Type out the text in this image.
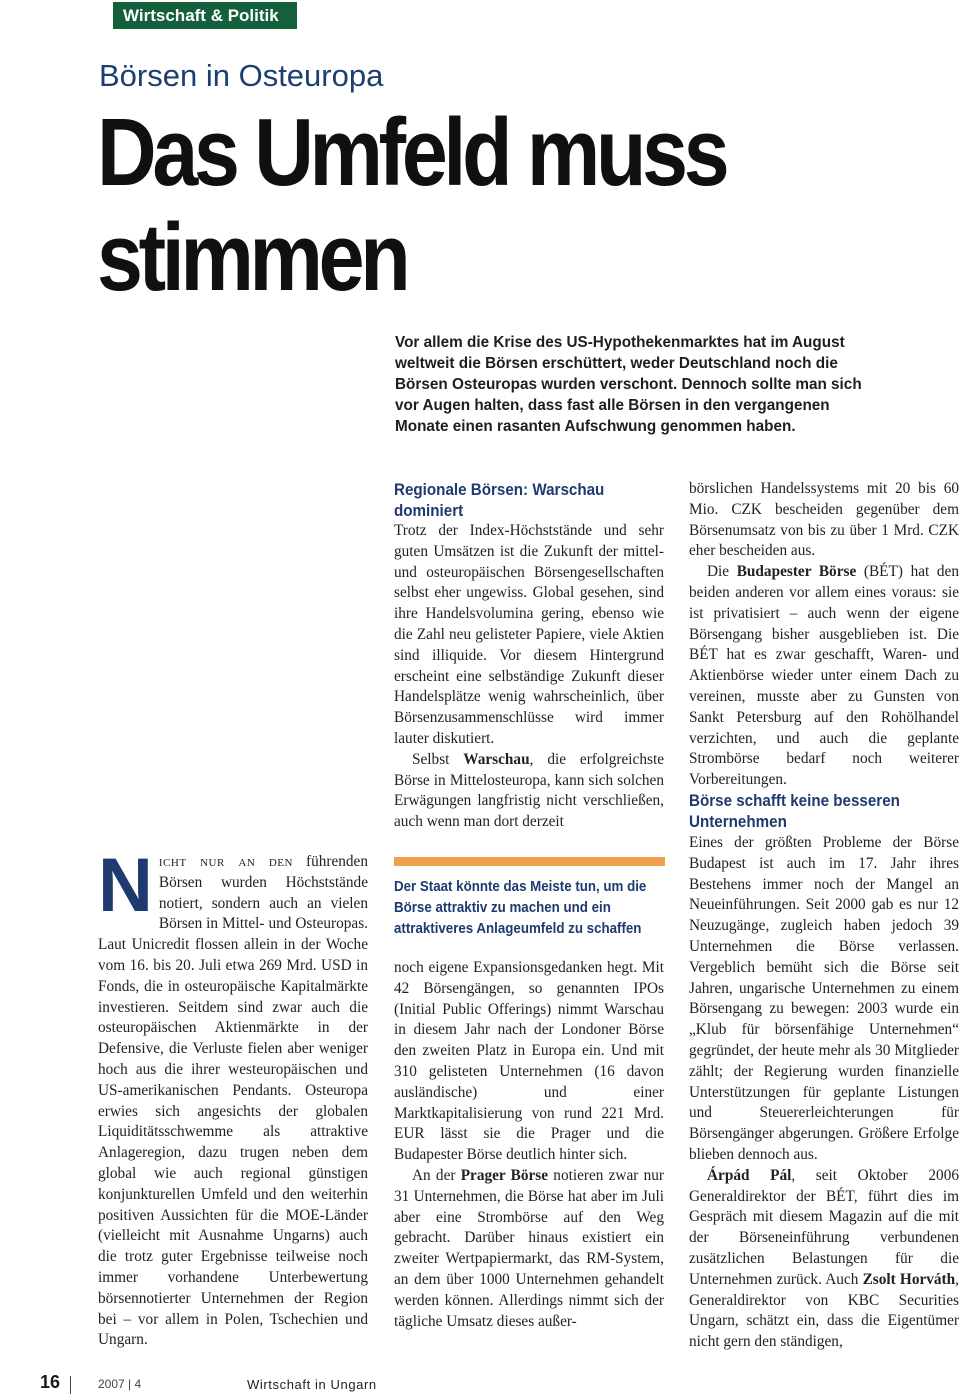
Wirtschaft & Politik
Börsen in Osteuropa
Das Umfeld muss stimmen
Vor allem die Krise des US-Hypothekenmarktes hat im August weltweit die Börsen erschüttert, weder Deutschland noch die Börsen Osteuropas wurden verschont. Dennoch sollte man sich vor Augen halten, dass fast alle Börsen in den vergangenen Monate einen rasanten Aufschwung genommen haben.

Nicht nur an den führenden Börsen wurden Höchststände notiert, sondern auch an vielen Börsen in Mittel- und Osteuropas. Laut Unicredit flossen allein in der Woche vom 16. bis 20. Juli etwa 269 Mrd. USD in Fonds, die in osteuropäische Kapitalmärkte investieren. Seitdem sind zwar auch die osteuropäischen Aktienmärkte in der Defensive, die Verluste fielen aber weniger hoch aus die ihrer westeuropäischen und US-amerikanischen Pendants. Osteuropa erwies sich angesichts der globalen Liquiditätsschwemme als attraktive Anlageregion, dazu trugen neben dem global wie auch regional günstigen konjunkturellen Umfeld und den weiterhin positiven Aussichten für die MOE-Länder (vielleicht mit Ausnahme Ungarns) auch die trotz guter Ergebnisse teilweise noch immer vorhandene Unterbewertung börsennotierter Unternehmen der Region bei – vor allem in Polen, Tschechien und Ungarn.

Regionale Börsen: Warschau dominiert

Trotz der Index-Höchststände und sehr guten Umsätzen ist die Zukunft der mittel- und osteuropäischen Börsengesellschaften selbst eher ungewiss. Global gesehen, sind ihre Handelsvolumina gering, ebenso wie die Zahl neu gelisteter Papiere, viele Aktien sind illiquide. Vor diesem Hintergrund erscheint eine selbständige Zukunft dieser Handelsplätze wenig wahrscheinlich, über Börsenzusammenschlüsse wird immer lauter diskutiert.

Selbst Warschau, die erfolgreichste Börse in Mittelosteuropa, kann sich solchen Erwägungen langfristig nicht verschließen, auch wenn man dort derzeit

Der Staat könnte das Meiste tun, um die Börse attraktiv zu machen und ein attraktiveres Anlageumfeld zu schaffen

noch eigene Expansionsgedanken hegt. Mit 42 Börsengängen, so genannten IPOs (Initial Public Offerings) nimmt Warschau in diesem Jahr nach der Londoner Börse den zweiten Platz in Europa ein. Und mit 310 gelisteten Unternehmen (16 davon ausländische) und einer Marktkapitalisierung von rund 221 Mrd. EUR lässt sie die Prager und die Budapester Börse deutlich hinter sich.

An der Prager Börse notieren zwar nur 31 Unternehmen, die Börse hat aber im Juli aber eine Strombörse auf den Weg gebracht. Darüber hinaus existiert ein zweiter Wertpapiermarkt, das RM-System, an dem über 1000 Unternehmen gehandelt werden können. Allerdings nimmt sich der tägliche Umsatz dieses außer-

börslichen Handelssystems mit 20 bis 60 Mio. CZK bescheiden gegenüber dem Börsenumsatz von bis zu über 1 Mrd. CZK eher bescheiden aus.

Die Budapester Börse (BÉT) hat den beiden anderen vor allem eines voraus: sie ist privatisiert – auch wenn der eigene Börsengang bisher ausgeblieben ist. Die BÉT hat es zwar geschafft, Waren- und Aktienbörse wieder unter einem Dach zu vereinen, musste aber zu Gunsten von Sankt Petersburg auf den Rohölhandel verzichten, und auch die geplante Strombörse bedarf noch weiterer Vorbereitungen.

Börse schafft keine besseren Unternehmen

Eines der größten Probleme der Börse Budapest ist auch im 17. Jahr ihres Bestehens immer noch der Mangel an Neueinführungen. Seit 2000 gab es nur 12 Neuzugänge, zugleich haben jedoch 39 Unternehmen die Börse verlassen. Vergeblich bemüht sich die Börse seit Jahren, ungarische Unternehmen zu einem Börsengang zu bewegen: 2003 wurde ein „Klub für börsenfähige Unternehmen“ gegründet, der heute mehr als 30 Mitglieder zählt; der Regierung wurden finanzielle Unterstützungen für geplante Listungen und Steuererleichterungen für Börsengänger abgerungen. Größere Erfolge blieben dennoch aus.

Árpád Pál, seit Oktober 2006 Generaldirektor der BÉT, führt dies im Gespräch mit diesem Magazin auf die mit der Börseneinführung verbundenen zusätzlichen Belastungen für die Unternehmen zurück. Auch Zsolt Horváth, Generaldirektor von KBC Securities Ungarn, schätzt ein, dass die Eigentümer nicht gern den ständigen,

16	2007 | 4	Wirtschaft in Ungarn
